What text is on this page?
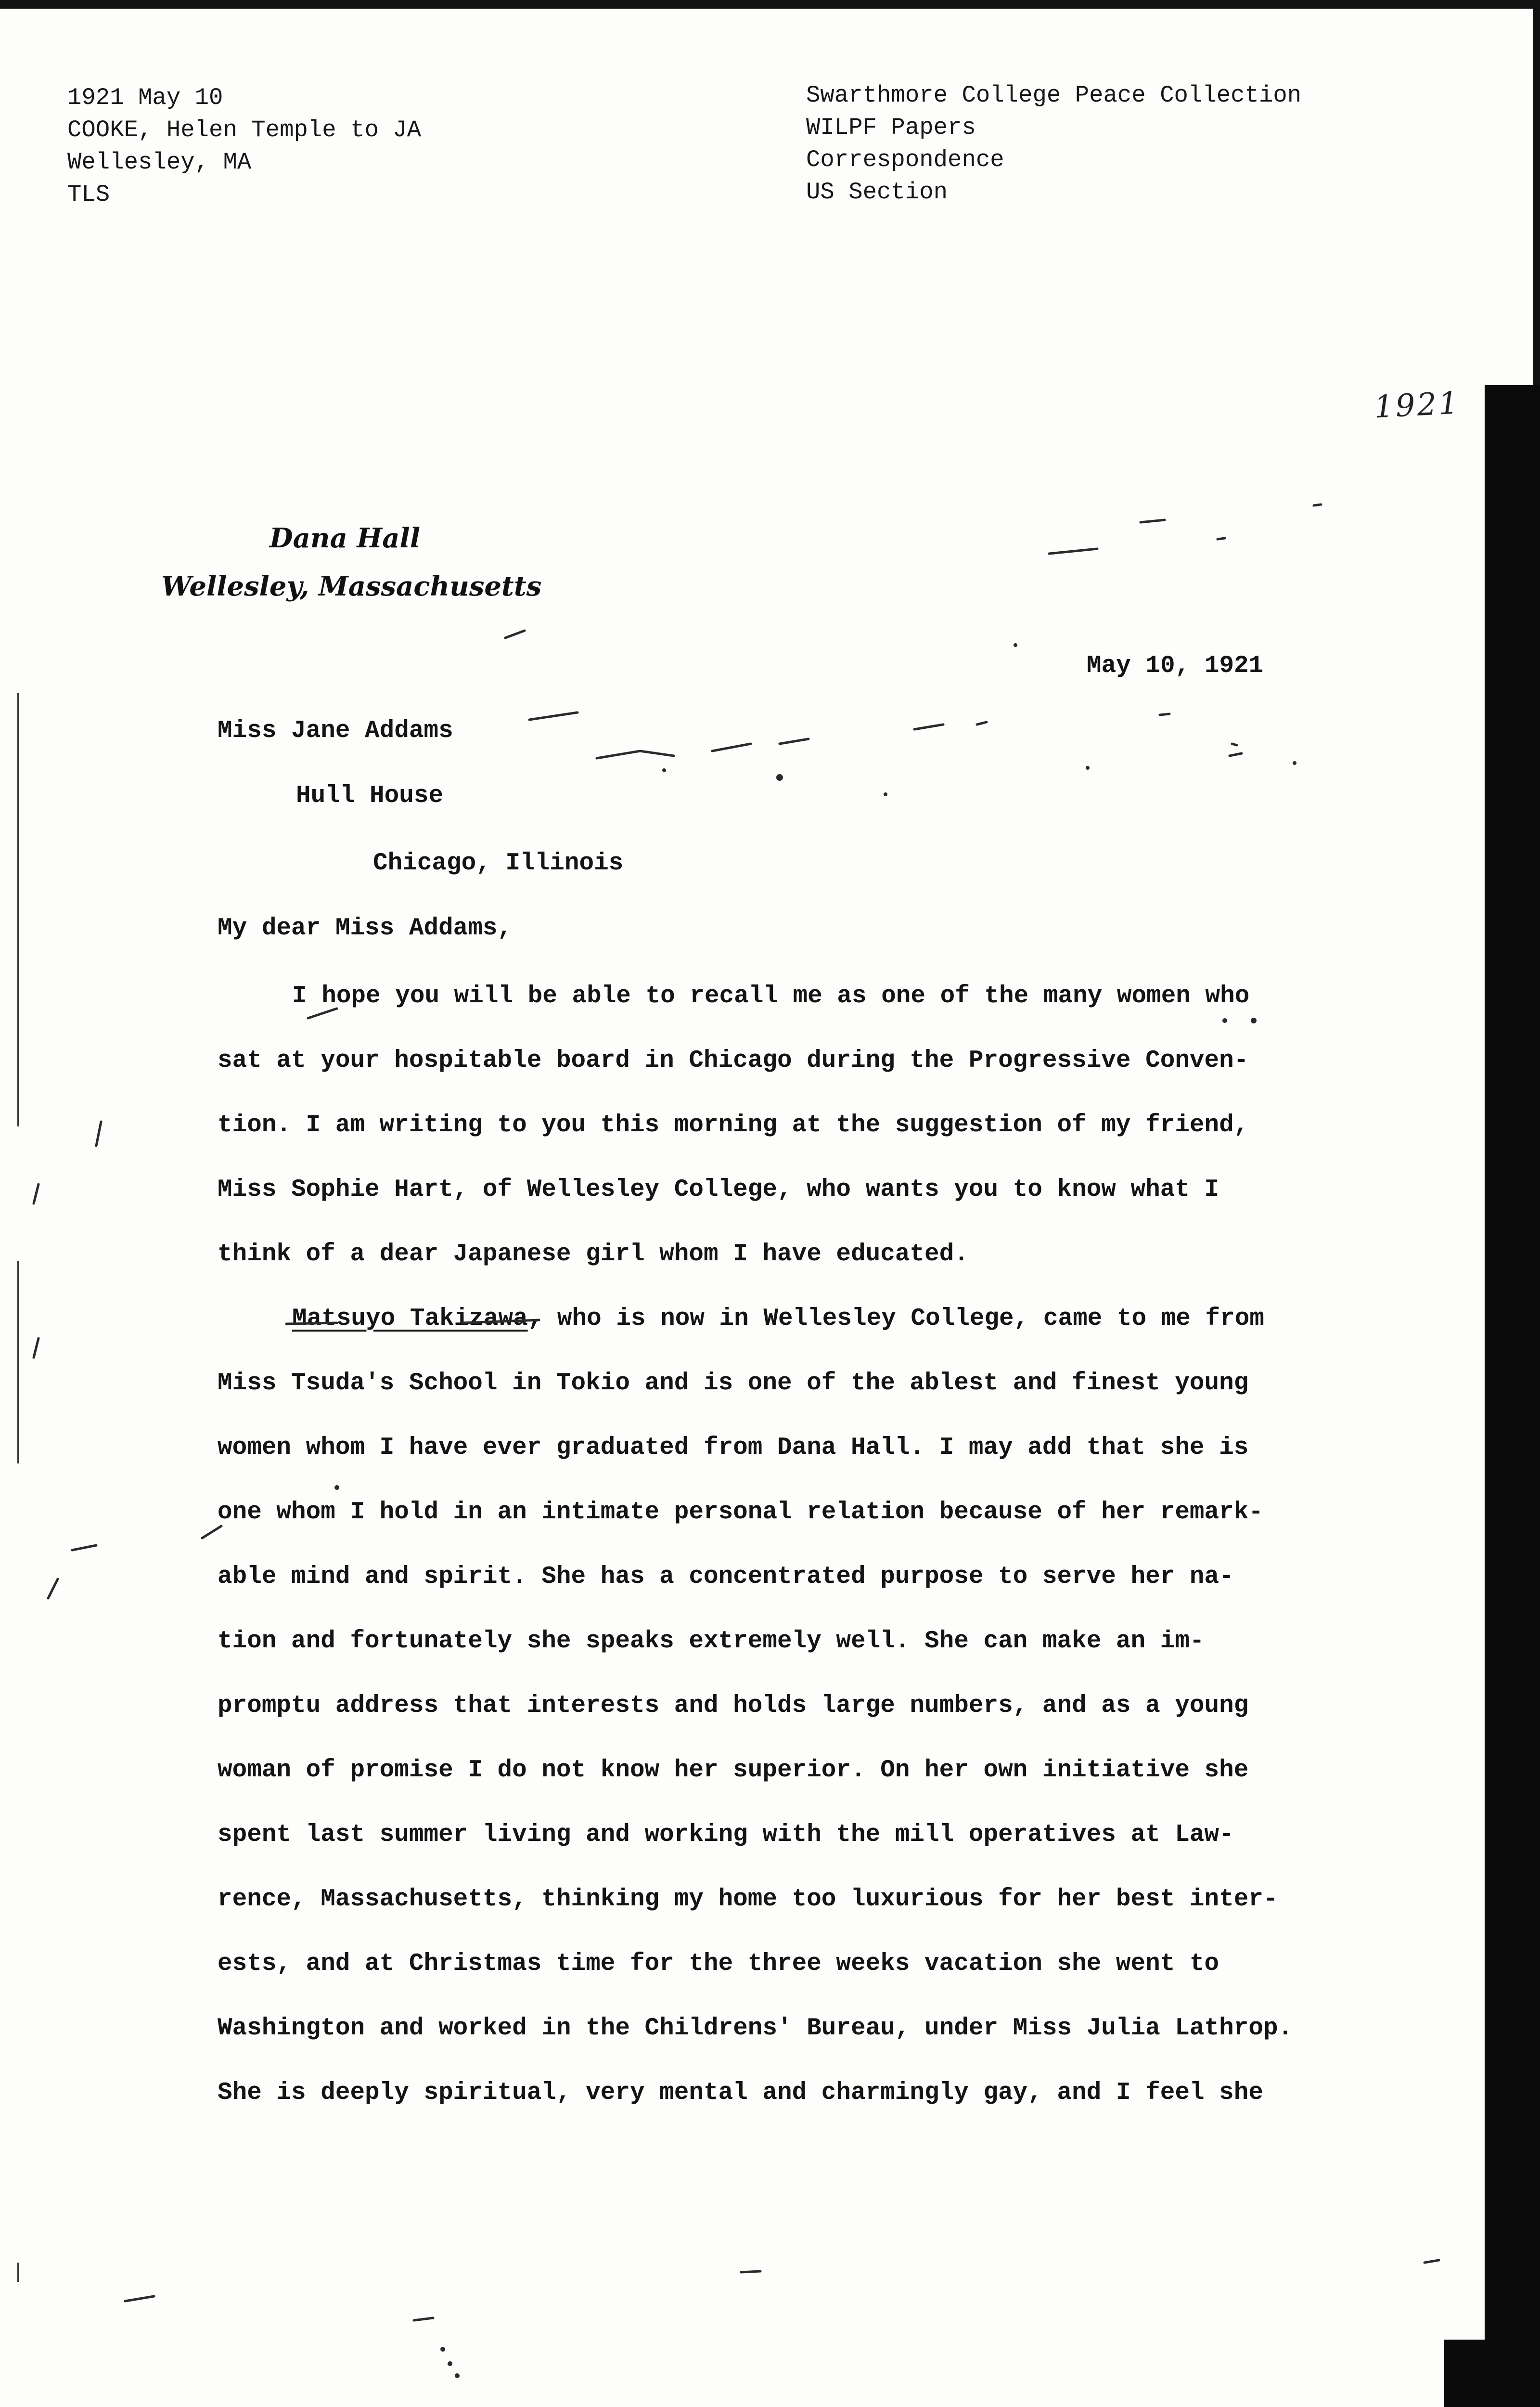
1921 May 10
COOKE, Helen Temple to JA
Wellesley, MA
TLS
Swarthmore College Peace Collection
WILPF Papers
Correspondence
US Section
1921
Dana Hall
Wellesley, Massachusetts
May 10, 1921
Miss Jane Addams
Hull House
Chicago, Illinois
My dear Miss Addams,

I hope you will be able to recall me as one of the many women who
sat at your hospitable board in Chicago during the Progressive Conven-
tion. I am writing to you this morning at the suggestion of my friend,
Miss Sophie Hart, of Wellesley College, who wants you to know what I
think of a dear Japanese girl whom I have educated.

Matsuyo Takizawa, who is now in Wellesley College, came to me from
Miss Tsuda's School in Tokio and is one of the ablest and finest young
women whom I have ever graduated from Dana Hall. I may add that she is
one whom I hold in an intimate personal relation because of her remark-
able mind and spirit. She has a concentrated purpose to serve her na-
tion and fortunately she speaks extremely well. She can make an im-
promptu address that interests and holds large numbers, and as a young
woman of promise I do not know her superior. On her own initiative she
spent last summer living and working with the mill operatives at Law-
rence, Massachusetts, thinking my home too luxurious for her best inter-
ests, and at Christmas time for the three weeks vacation she went to
Washington and worked in the Childrens' Bureau, under Miss Julia Lathrop.
She is deeply spiritual, very mental and charmingly gay, and I feel she
